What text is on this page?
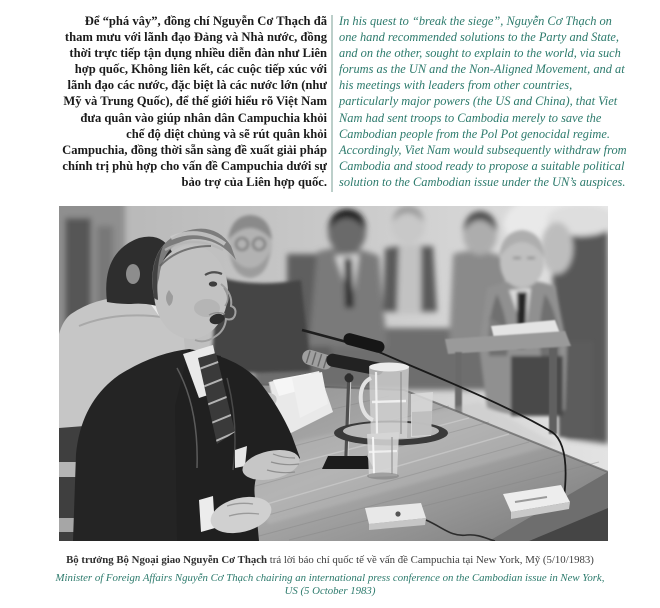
Để “phá vây”, đồng chí Nguyễn Cơ Thạch đã tham mưu với lãnh đạo Đảng và Nhà nước, đồng thời trực tiếp tận dụng nhiều diễn đàn như Liên hợp quốc, Không liên kết, các cuộc tiếp xúc với lãnh đạo các nước, đặc biệt là các nước lớn (như Mỹ và Trung Quốc), để thế giới hiểu rõ Việt Nam đưa quân vào giúp nhân dân Campuchia khỏi chế độ diệt chủng và sẽ rút quân khỏi Campuchia, đồng thời sẵn sàng đề xuất giải pháp chính trị phù hợp cho vấn đề Campuchia dưới sự bảo trợ của Liên hợp quốc.
In his quest to “break the siege”, Nguyễn Cơ Thạch on one hand recommended solutions to the Party and State, and on the other, sought to explain to the world, via such forums as the UN and the Non-Aligned Movement, and at his meetings with leaders from other countries, particularly major powers (the US and China), that Viet Nam had sent troops to Cambodia merely to save the Cambodian people from the Pol Pot genocidal regime. Accordingly, Viet Nam would subsequently withdraw from Cambodia and stood ready to propose a suitable political solution to the Cambodian issue under the UN’s auspices.
Bộ trưởng Bộ Ngoại giao Nguyễn Cơ Thạch trả lời báo chí quốc tế về vấn đề Campuchia tại New York, Mỹ (5/10/1983)
Minister of Foreign Affairs Nguyễn Cơ Thạch chairing an international press conference on the Cambodian issue in New York,
US (5 October 1983)
